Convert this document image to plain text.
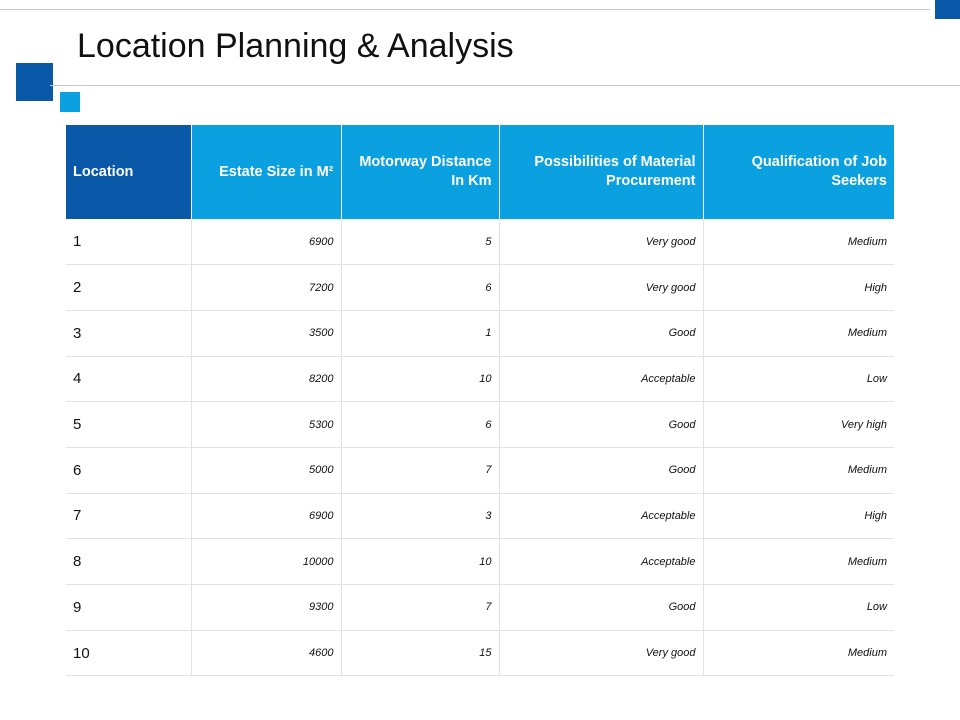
Location Planning & Analysis
Location	Estate Size in M²	Motorway Distance In Km	Possibilities of Material Procurement	Qualification of Job Seekers
1	6900	5	Very good	Medium
2	7200	6	Very good	High
3	3500	1	Good	Medium
4	8200	10	Acceptable	Low
5	5300	6	Good	Very high
6	5000	7	Good	Medium
7	6900	3	Acceptable	High
8	10000	10	Acceptable	Medium
9	9300	7	Good	Low
10	4600	15	Very good	Medium
